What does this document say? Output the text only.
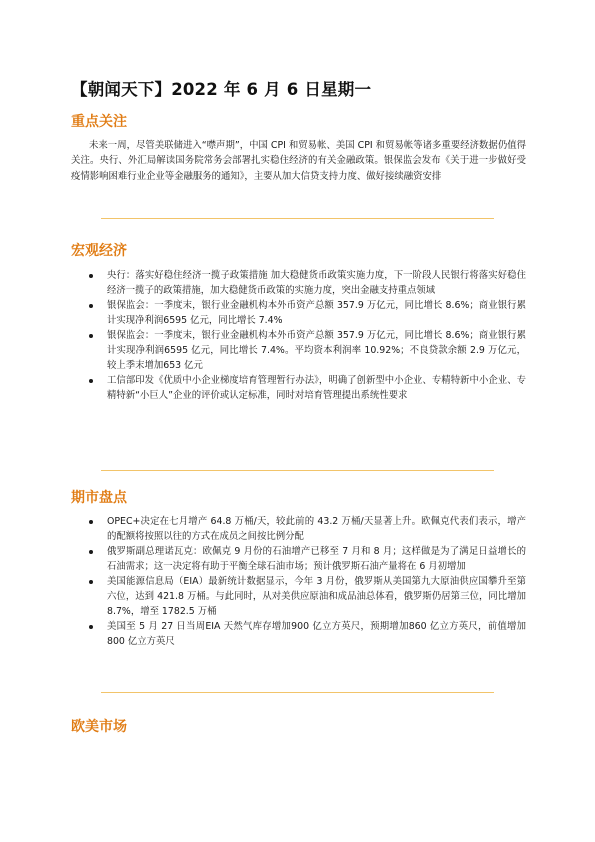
【朝闻天下】2022 年 6 月 6 日星期一
重点关注

未来一周，尽管美联储进入“噤声期”，中国 CPI 和贸易帐、美国 CPI 和贸易帐等诸多重要经济数据仍值得关注。央行、外汇局解读国务院常务会部署扎实稳住经济的有关金融政策。银保监会发布《关于进一步做好受疫情影响困难行业企业等金融服务的通知》，主要从加大信贷支持力度、做好接续融资安排

宏观经济
央行：落实好稳住经济一揽子政策措施 加大稳健货币政策实施力度，下一阶段人民银行将落实好稳住经济一揽子的政策措施，加大稳健货币政策的实施力度，突出金融支持重点领域
银保监会：一季度末，银行业金融机构本外币资产总额 357.9 万亿元，同比增长 8.6%；商业银行累计实现净利润6595 亿元，同比增长 7.4%
银保监会：一季度末，银行业金融机构本外币资产总额 357.9 万亿元，同比增长 8.6%；商业银行累计实现净利润6595 亿元，同比增长 7.4%。平均资本利润率 10.92%；不良贷款余额 2.9 万亿元，较上季末增加653 亿元
工信部印发《优质中小企业梯度培育管理暂行办法》，明确了创新型中小企业、专精特新中小企业、专精特新“小巨人”企业的评价或认定标准，同时对培育管理提出系统性要求
期市盘点
OPEC+决定在七月增产 64.8 万桶/天，较此前的 43.2 万桶/天显著上升。欧佩克代表们表示，增产的配额将按照以往的方式在成员之间按比例分配
俄罗斯副总理诺瓦克：欧佩克 9 月份的石油增产已移至 7 月和 8 月；这样做是为了满足日益增长的石油需求；这一决定将有助于平衡全球石油市场；预计俄罗斯石油产量将在 6 月初增加
美国能源信息局（EIA）最新统计数据显示，今年 3 月份，俄罗斯从美国第九大原油供应国攀升至第六位，达到 421.8 万桶。与此同时，从对美供应原油和成品油总体看，俄罗斯仍居第三位，同比增加 8.7%，增至 1782.5 万桶
美国至 5 月 27 日当周EIA 天然气库存增加900 亿立方英尺，预期增加860 亿立方英尺，前值增加 800 亿立方英尺
欧美市场
